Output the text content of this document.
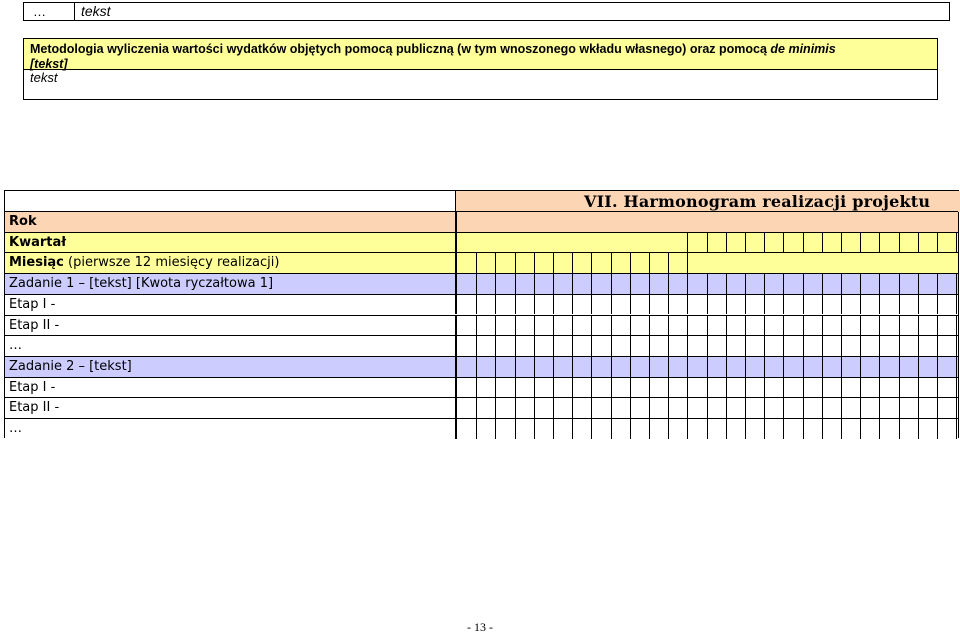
…	tekst
Metodologia wyliczenia wartości wydatków objętych pomocą publiczną (w tym wnoszonego wkładu własnego) oraz pomocą de minimis
[tekst]
tekst
VII. Harmonogram realizacji projektu
Rok
Kwartał
Miesiąc (pierwsze 12 miesięcy realizacji)
Zadanie 1 – [tekst] [Kwota ryczałtowa 1]
Etap I -
Etap II -
…
Zadanie 2 – [tekst]
Etap I -
Etap II -
…
- 13 -
